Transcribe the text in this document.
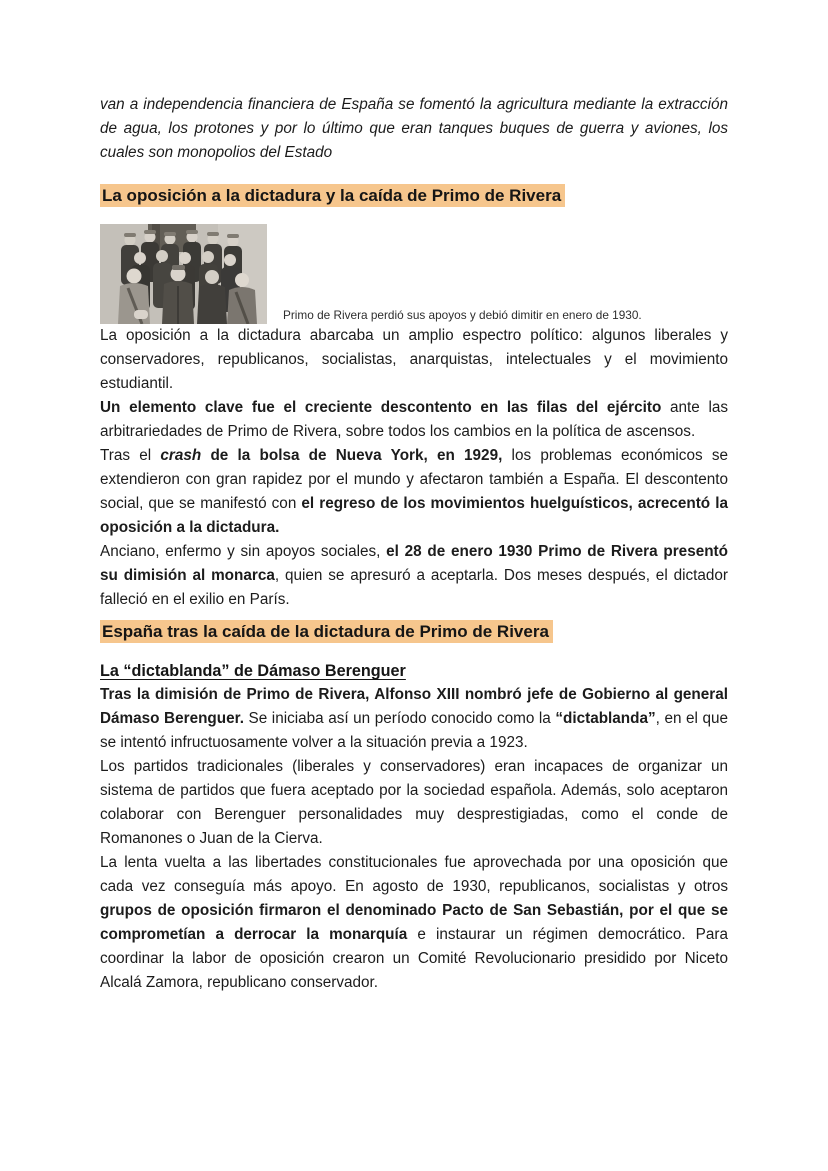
van a independencia financiera de España se fomentó la agricultura mediante la extracción de agua, los protones y por lo último que eran tanques buques de guerra y aviones, los cuales son monopolios del Estado

La oposición a la dictadura y la caída de Primo de Rivera
Primo de Rivera perdió sus apoyos y debió dimitir en enero de 1930.

La oposición a la dictadura abarcaba un amplio espectro político: algunos liberales y conservadores, republicanos, socialistas, anarquistas, intelectuales y el movimiento estudiantil.

Un elemento clave fue el creciente descontento en las filas del ejército ante las arbitrariedades de Primo de Rivera, sobre todos los cambios en la política de ascensos.

Tras el crash de la bolsa de Nueva York, en 1929, los problemas económicos se extendieron con gran rapidez por el mundo y afectaron también a España. El descontento social, que se manifestó con el regreso de los movimientos huelguísticos, acrecentó la oposición a la dictadura.

Anciano, enfermo y sin apoyos sociales, el 28 de enero 1930 Primo de Rivera presentó su dimisión al monarca, quien se apresuró a aceptarla. Dos meses después, el dictador falleció en el exilio en París.

España tras la caída de la dictadura de Primo de Rivera
La “dictablanda” de Dámaso Berenguer

Tras la dimisión de Primo de Rivera, Alfonso XIII nombró jefe de Gobierno al general Dámaso Berenguer. Se iniciaba así un período conocido como la “dictablanda”, en el que se intentó infructuosamente volver a la situación previa a 1923.

Los partidos tradicionales (liberales y conservadores) eran incapaces de organizar un sistema de partidos que fuera aceptado por la sociedad española. Además, solo aceptaron colaborar con Berenguer personalidades muy desprestigiadas, como el conde de Romanones o Juan de la Cierva.

La lenta vuelta a las libertades constitucionales fue aprovechada por una oposición que cada vez conseguía más apoyo. En agosto de 1930, republicanos, socialistas y otros grupos de oposición firmaron el denominado Pacto de San Sebastián, por el que se comprometían a derrocar la monarquía e instaurar un régimen democrático. Para coordinar la labor de oposición crearon un Comité Revolucionario presidido por Niceto Alcalá Zamora, republicano conservador.
